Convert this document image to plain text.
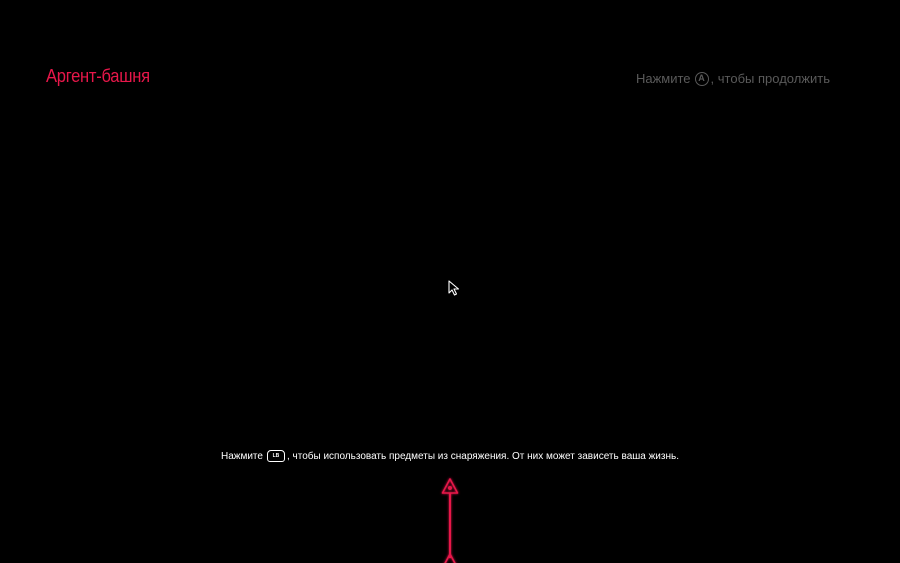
Аргент-башня	Нажмите A , чтобы продолжить
Нажмите	LB , чтобы использовать предметы из снаряжения. От них может зависеть ваша жизнь.
